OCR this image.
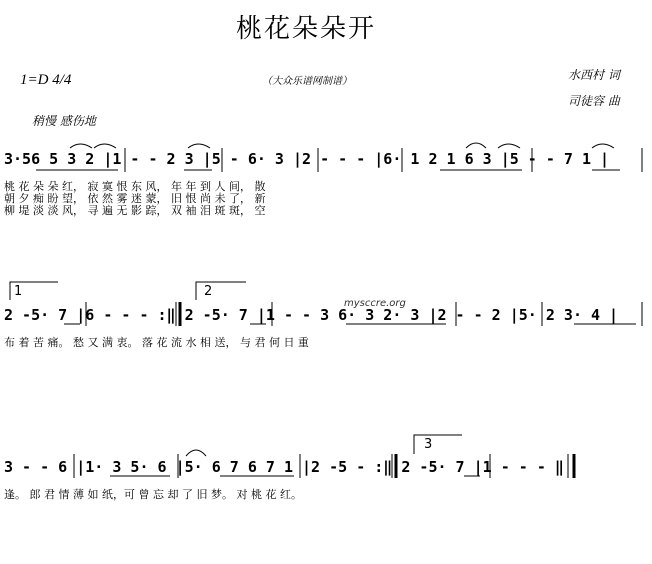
桃花朵朵开
1=D 4/4	（大众乐谱网制谱）	水西村 词
司徒容 曲
稍慢 感伤地
3·56 5 3 2 |1 - - 2 3 |5 - 6· 3 |2 - - - |6· 1 2 1 6 3 |5 - - 7 1 |
桃 花 朵 朵 红， 寂 寞 恨 东 风， 年 年 到 人 间， 散
朝 夕 痴 盼 望， 依 然 雾 迷 蒙， 旧 恨 尚 未 了， 新
柳 堤 淡 淡 风， 寻 遍 无 影 踪， 双 袖 泪 斑 斑， 空
1	2
mysccre.org
2 -5· 7 |6 - - - :‖ 2 -5· 7 |1 - - 3 6· 3 2· 3 |2 - - 2 |5· 2 3· 4 |
布 着 苦 痛。 愁 又 满 衷。 落 花 流 水 相 送， 与 君 何 日 重
3
3 - - 6 |1· 3 5· 6 |5· 6 7 6 7 1 |2 -5 - :‖ 2 -5· 7 |1 - - - ‖
逢。 郎 君 情 薄 如 纸，可 曾 忘 却 了 旧 梦。 对 桃 花 红。
